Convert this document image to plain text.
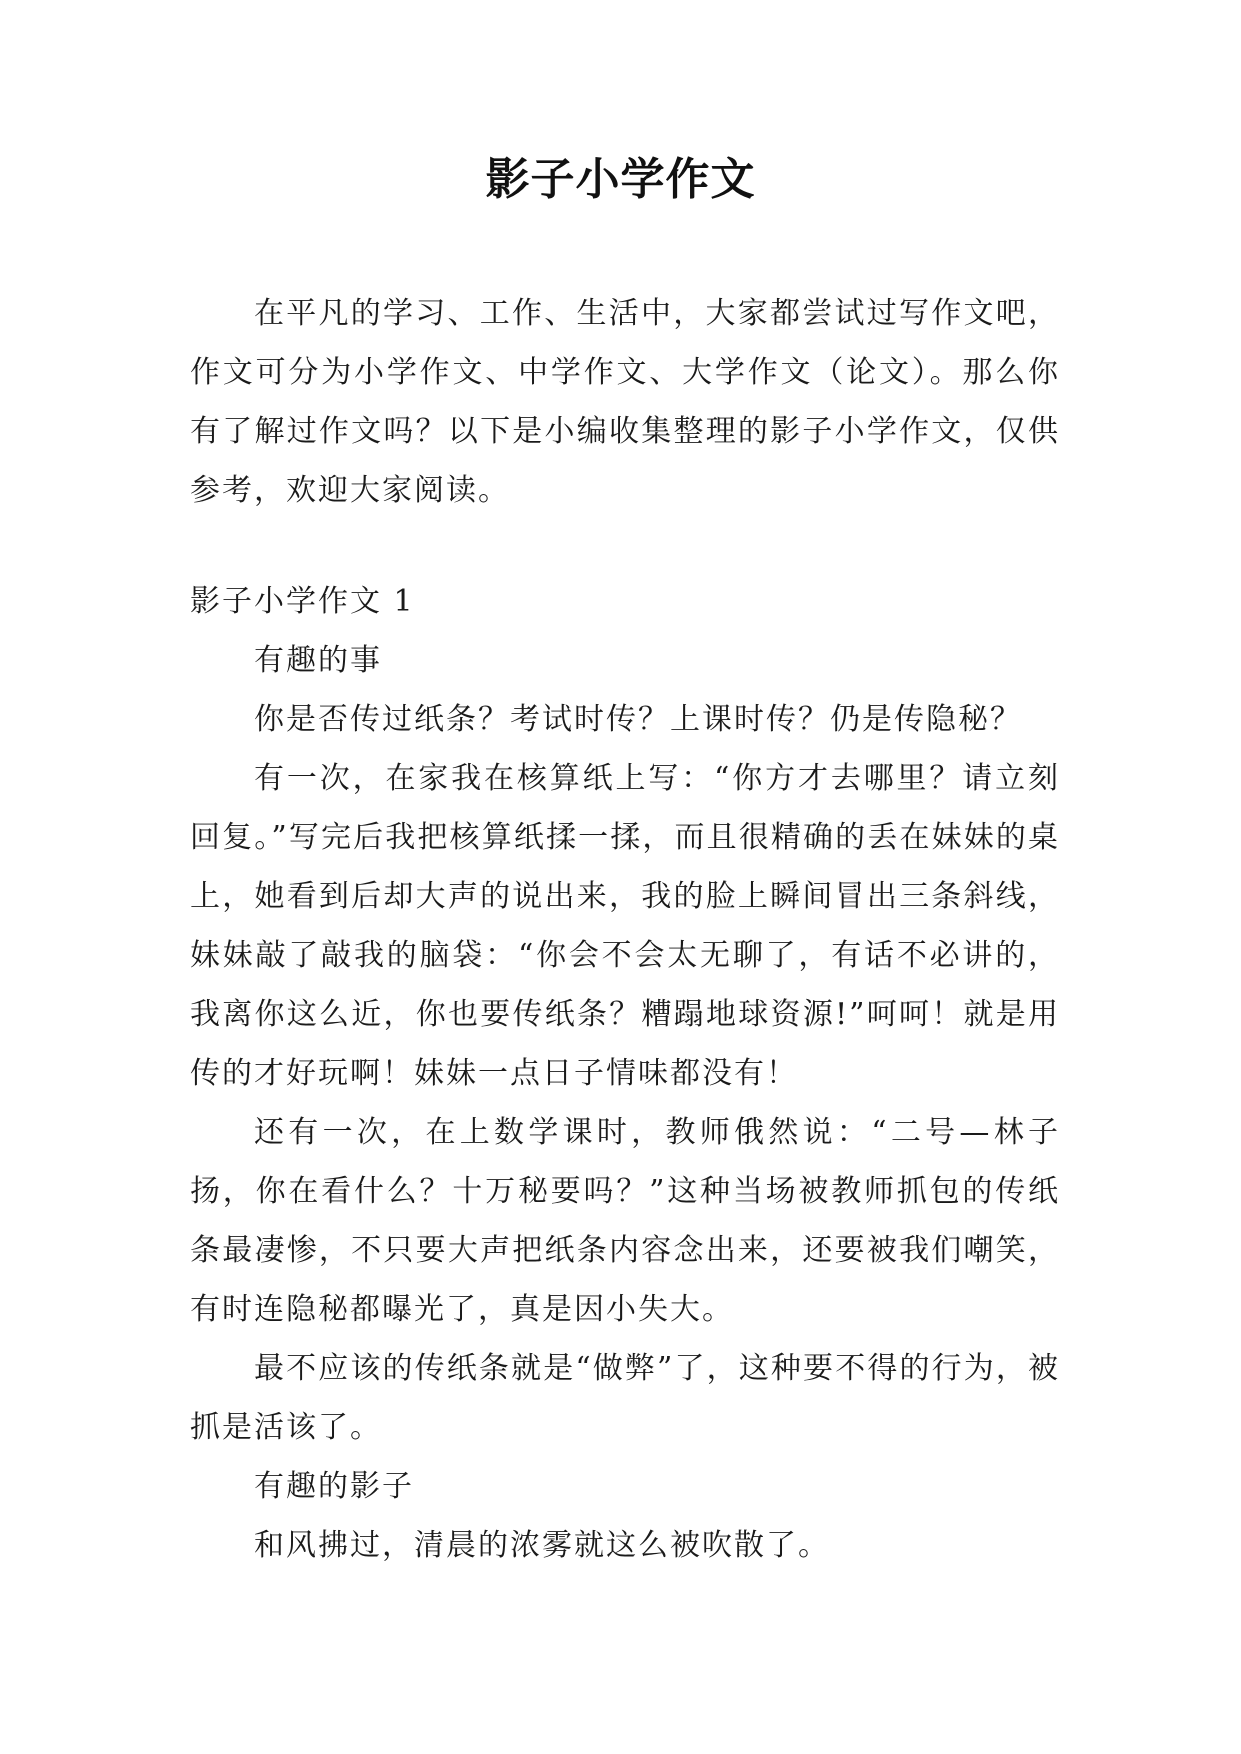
影子小学作文

在平凡的学习、工作、生活中，大家都尝试过写作文吧，作文可分为小学作文、中学作文、大学作文（论文）。那么你有了解过作文吗？以下是小编收集整理的影子小学作文，仅供参考，欢迎大家阅读。

影子小学作文 1

有趣的事

你是否传过纸条？考试时传？上课时传？仍是传隐秘？

有一次，在家我在核算纸上写：“你方才去哪里？请立刻回复。”写完后我把核算纸揉一揉，而且很精确的丢在妹妹的桌上，她看到后却大声的说出来，我的脸上瞬间冒出三条斜线，妹妹敲了敲我的脑袋：“你会不会太无聊了，有话不必讲的，我离你这么近，你也要传纸条？糟蹋地球资源!”呵呵！就是用传的才好玩啊！妹妹一点日子情味都没有！

还有一次，在上数学课时，教师俄然说：“二号—林子扬，你在看什么？十万秘要吗？”这种当场被教师抓包的传纸条最凄惨，不只要大声把纸条内容念出来，还要被我们嘲笑，有时连隐秘都曝光了，真是因小失大。

最不应该的传纸条就是“做弊”了，这种要不得的行为，被抓是活该了。

有趣的影子

和风拂过，清晨的浓雾就这么被吹散了。
